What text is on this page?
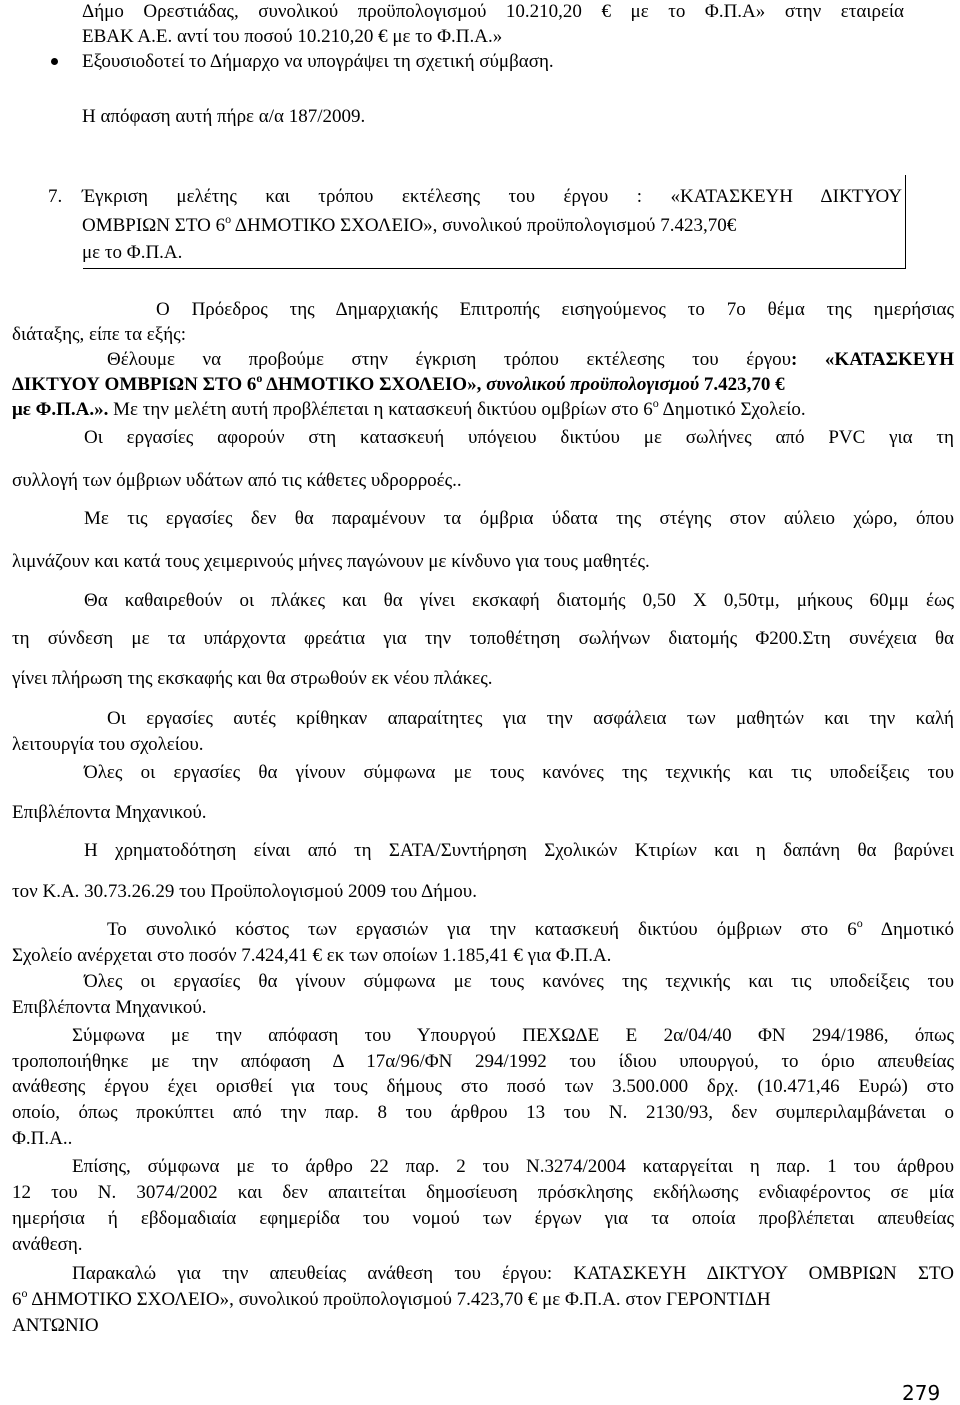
Δήμο Ορεστιάδας, συνολικού προϋπολογισμού 10.210,20 € με το Φ.Π.Α» στην εταιρεία
ΕΒΑΚ Α.Ε. αντί του ποσού 10.210,20 € με το Φ.Π.Α.»
Εξουσιοδοτεί το Δήμαρχο να υπογράψει τη σχετική σύμβαση.
Η απόφαση αυτή πήρε α/α 187/2009.
7. Έγκριση μελέτης και τρόπου εκτέλεσης του έργου : «ΚΑΤΑΣΚΕΥΗ ΔΙΚΤΥΟΥ
ΟΜΒΡΙΩΝ ΣΤΟ $6^o$ ΔΗΜΟΤΙΚΟ ΣΧΟΛΕΙΟ», συνολικού προϋπολογισμού 7.423,70€
με το Φ.Π.Α.
Ο Πρόεδρος της Δημαρχιακής Επιτροπής εισηγούμενος το 7ο θέμα της ημερήσιας
διάταξης, είπε τα εξής:
Θέλουμε να προβούμε στην έγκριση τρόπου εκτέλεσης του έργου: «ΚΑΤΑΣΚΕΥΗ
ΔΙΚΤΥΟΥ ΟΜΒΡΙΩΝ ΣΤΟ $6^o$ ΔΗΜΟΤΙΚΟ ΣΧΟΛΕΙΟ», συνολικού προϋπολογισμού 7.423,70 €
με Φ.Π.Α.». Με την μελέτη αυτή προβλέπεται η κατασκευή δικτύου ομβρίων στο $6^o$ Δημοτικό Σχολείο.
Οι εργασίες αφορούν στη κατασκευή υπόγειου δικτύου με σωλήνες από PVC για τη
συλλογή των όμβριων υδάτων από τις κάθετες υδρορροές..
Με τις εργασίες δεν θα παραμένουν τα όμβρια ύδατα της στέγης στον αύλειο χώρο, όπου
λιμνάζουν και κατά τους χειμερινούς μήνες παγώνουν με κίνδυνο για τους μαθητές.
Θα καθαιρεθούν οι πλάκες και θα γίνει εκσκαφή διατομής 0,50 Χ 0,50τμ, μήκους 60μμ έως
τη σύνδεση με τα υπάρχοντα φρεάτια για την τοποθέτηση σωλήνων διατομής Φ200.Στη συνέχεια θα
γίνει πλήρωση της εκσκαφής και θα στρωθούν εκ νέου πλάκες.
Οι εργασίες αυτές κρίθηκαν απαραίτητες για την ασφάλεια των μαθητών και την καλή
λειτουργία του σχολείου.
Όλες οι εργασίες θα γίνουν σύμφωνα με τους κανόνες της τεχνικής και τις υποδείξεις του
Επιβλέποντα Μηχανικού.
Η χρηματοδότηση είναι από τη ΣΑΤΑ/Συντήρηση Σχολικών Κτιρίων και η δαπάνη θα βαρύνει
τον Κ.Α. 30.73.26.29 του Προϋπολογισμού 2009 του Δήμου.
Το συνολικό κόστος των εργασιών για την κατασκευή δικτύου όμβριων στο $6^o$ Δημοτικό
Σχολείο ανέρχεται στο ποσόν 7.424,41 € εκ των οποίων 1.185,41 € για Φ.Π.Α.
Όλες οι εργασίες θα γίνουν σύμφωνα με τους κανόνες της τεχνικής και τις υποδείξεις του
Επιβλέποντα Μηχανικού.
Σύμφωνα με την απόφαση του Υπουργού ΠΕΧΩΔΕ Ε 2α/04/40 ΦΝ 294/1986, όπως
τροποποιήθηκε με την απόφαση Δ 17α/96/ΦΝ 294/1992 του ίδιου υπουργού, το όριο απευθείας
ανάθεσης έργου έχει ορισθεί για τους δήμους στο ποσό των 3.500.000 δρχ. (10.471,46 Ευρώ) στο
οποίο, όπως προκύπτει από την παρ. 8 του άρθρου 13 του Ν. 2130/93, δεν συμπεριλαμβάνεται ο
Φ.Π.Α..
Επίσης, σύμφωνα με το άρθρο 22 παρ. 2 του Ν.3274/2004 καταργείται η παρ. 1 του άρθρου
12 του Ν. 3074/2002 και δεν απαιτείται δημοσίευση πρόσκλησης εκδήλωσης ενδιαφέροντος σε μία
ημερήσια ή εβδομαδιαία εφημερίδα του νομού των έργων για τα οποία προβλέπεται απευθείας
ανάθεση.
Παρακαλώ για την απευθείας ανάθεση του έργου: ΚΑΤΑΣΚΕΥΗ ΔΙΚΤΥΟΥ ΟΜΒΡΙΩΝ ΣΤΟ
$6^o$ ΔΗΜΟΤΙΚΟ ΣΧΟΛΕΙΟ», συνολικού προϋπολογισμού 7.423,70 € με Φ.Π.Α. στον ΓΕΡΟΝΤΙΔΗ
ΑΝΤΩΝΙΟ
279
